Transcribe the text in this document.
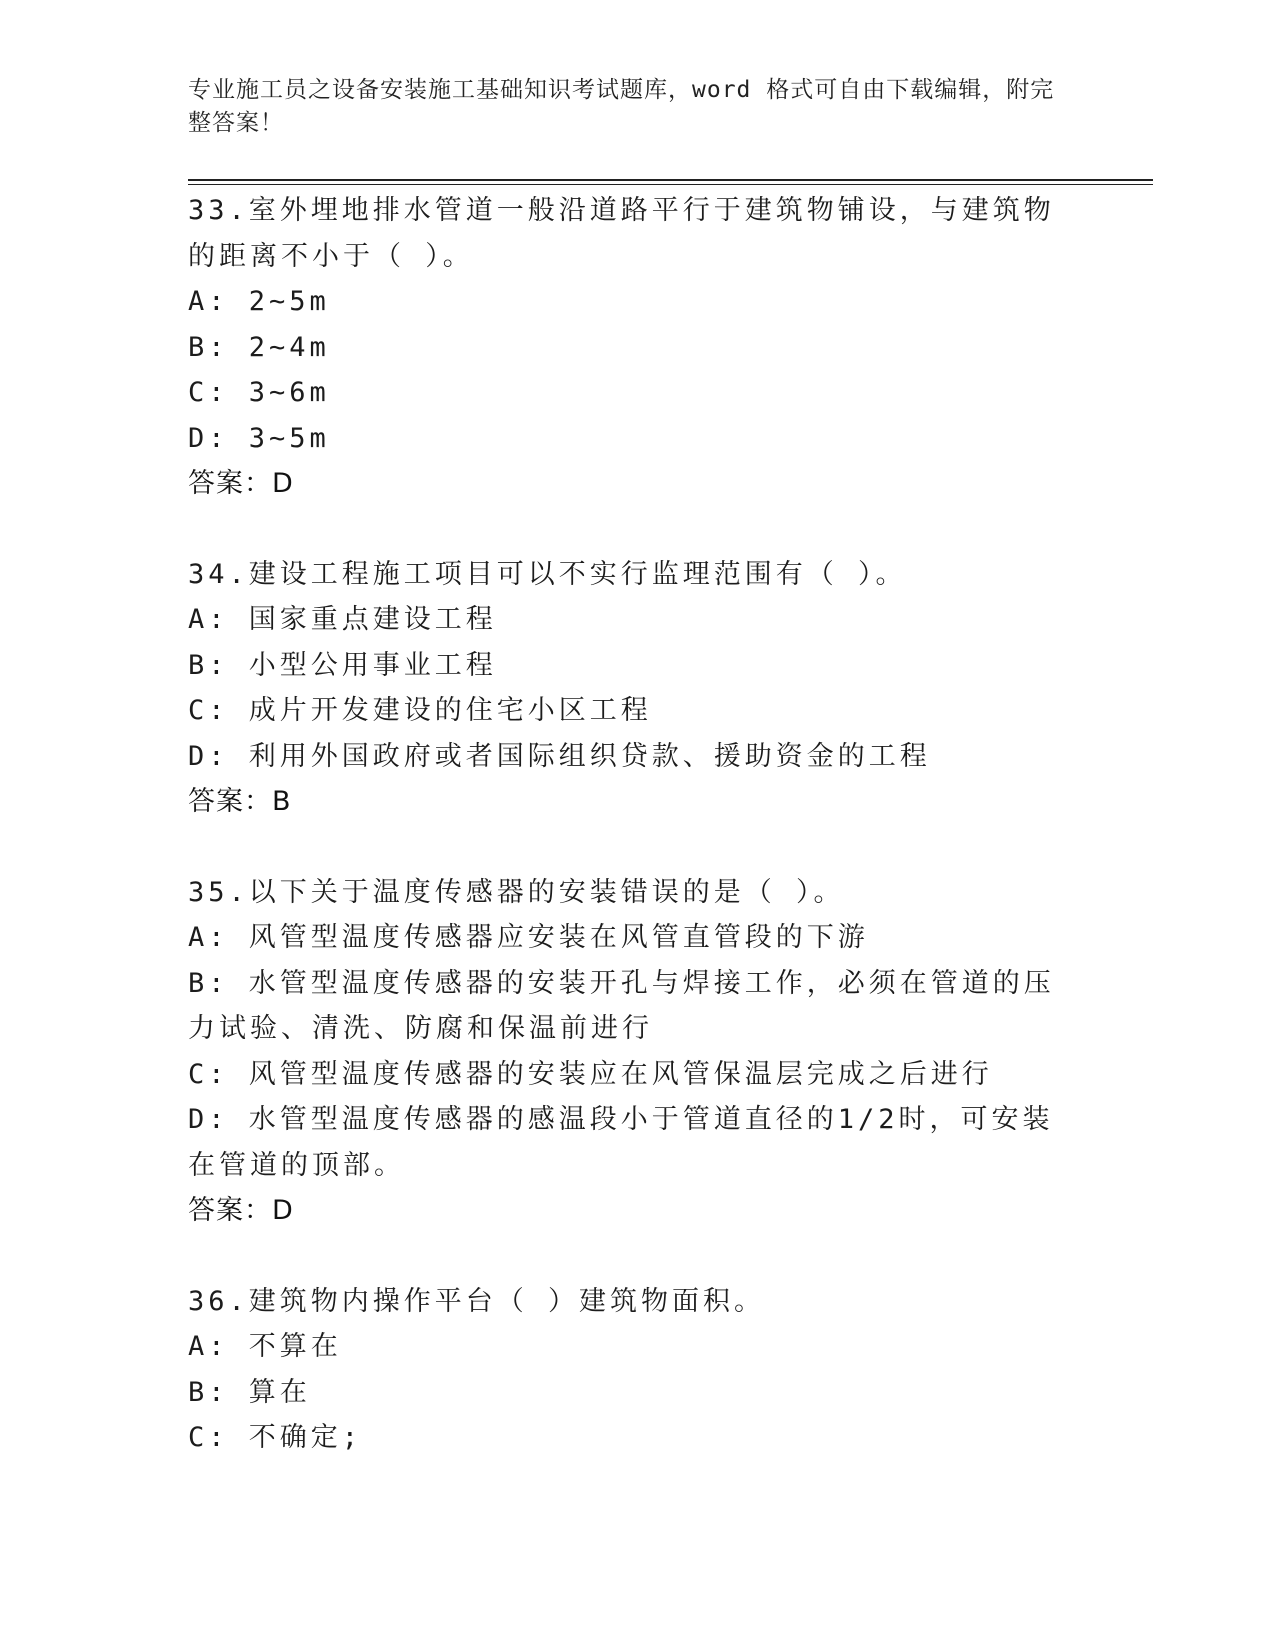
专业施工员之设备安装施工基础知识考试题库，word 格式可自由下载编辑，附完整答案！
33.室外埋地排水管道一般沿道路平行于建筑物铺设，与建筑物的距离不小于（ ）。
A: 2~5m
B: 2~4m
C: 3~6m
D: 3~5m
答案：D
34.建设工程施工项目可以不实行监理范围有（ ）。
A: 国家重点建设工程
B: 小型公用事业工程
C: 成片开发建设的住宅小区工程
D: 利用外国政府或者国际组织贷款、援助资金的工程
答案：B
35.以下关于温度传感器的安装错误的是（ ）。
A: 风管型温度传感器应安装在风管直管段的下游
B: 水管型温度传感器的安装开孔与焊接工作，必须在管道的压力试验、清洗、防腐和保温前进行
C: 风管型温度传感器的安装应在风管保温层完成之后进行
D: 水管型温度传感器的感温段小于管道直径的1/2时，可安装在管道的顶部。
答案：D
36.建筑物内操作平台（ ）建筑物面积。
A: 不算在
B: 算在
C: 不确定;
